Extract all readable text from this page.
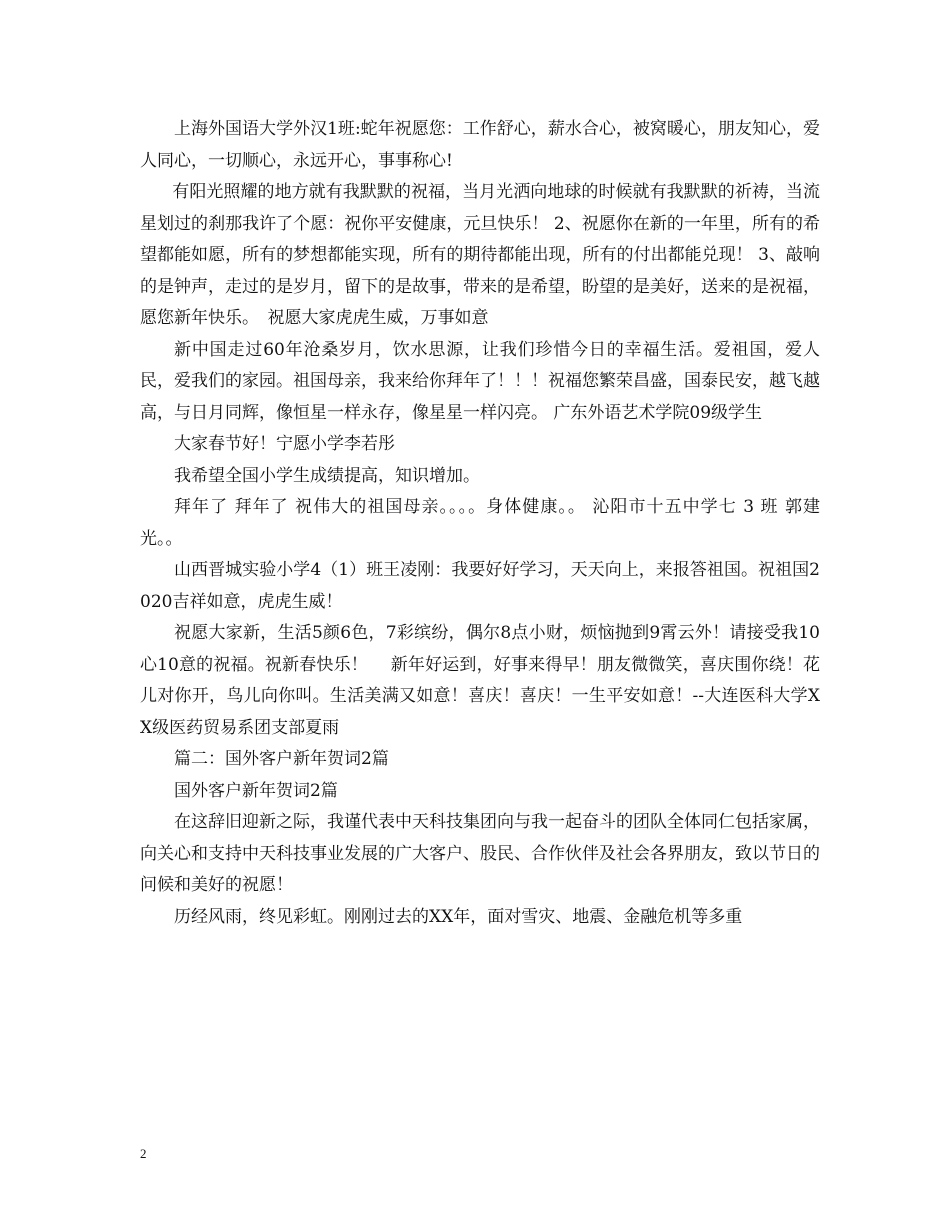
上海外国语大学外汉1班:蛇年祝愿您：工作舒心，薪水合心，被窝暖心，朋友知心，爱人同心，一切顺心，永远开心，事事称心!

有阳光照耀的地方就有我默默的祝福，当月光洒向地球的时候就有我默默的祈祷，当流星划过的刹那我许了个愿：祝你平安健康，元旦快乐！ 2、祝愿你在新的一年里，所有的希望都能如愿，所有的梦想都能实现，所有的期待都能出现，所有的付出都能兑现！ 3、敲响的是钟声，走过的是岁月，留下的是故事，带来的是希望，盼望的是美好，送来的是祝福，愿您新年快乐。　祝愿大家虎虎生威，万事如意

新中国走过60年沧桑岁月，饮水思源，让我们珍惜今日的幸福生活。爱祖国，爱人民，爱我们的家园。祖国母亲，我来给你拜年了！！！祝福您繁荣昌盛，国泰民安，越飞越高，与日月同辉，像恒星一样永存，像星星一样闪亮。 广东外语艺术学院09级学生

大家春节好！宁愿小学李若彤

我希望全国小学生成绩提高，知识增加。

拜年了 拜年了 祝伟大的祖国母亲。。。。身体健康。。 沁阳市十五中学七 3 班 郭建光。。

山西晋城实验小学4（1）班王凌刚：我要好好学习，天天向上，来报答祖国。祝祖国2020吉祥如意，虎虎生威！

祝愿大家新，生活5颜6色，7彩缤纷，偶尔8点小财，烦恼抛到9霄云外！请接受我10心10意的祝福。祝新春快乐！　 新年好运到，好事来得早！朋友微微笑，喜庆围你绕！花儿对你开，鸟儿向你叫。生活美满又如意！喜庆！喜庆！一生平安如意！--大连医科大学XX级医药贸易系团支部夏雨

篇二：国外客户新年贺词2篇

国外客户新年贺词2篇

在这辞旧迎新之际，我谨代表中天科技集团向与我一起奋斗的团队全体同仁包括家属，向关心和支持中天科技事业发展的广大客户、股民、合作伙伴及社会各界朋友，致以节日的问候和美好的祝愿！

历经风雨，终见彩虹。刚刚过去的XX年，面对雪灾、地震、金融危机等多重

2
